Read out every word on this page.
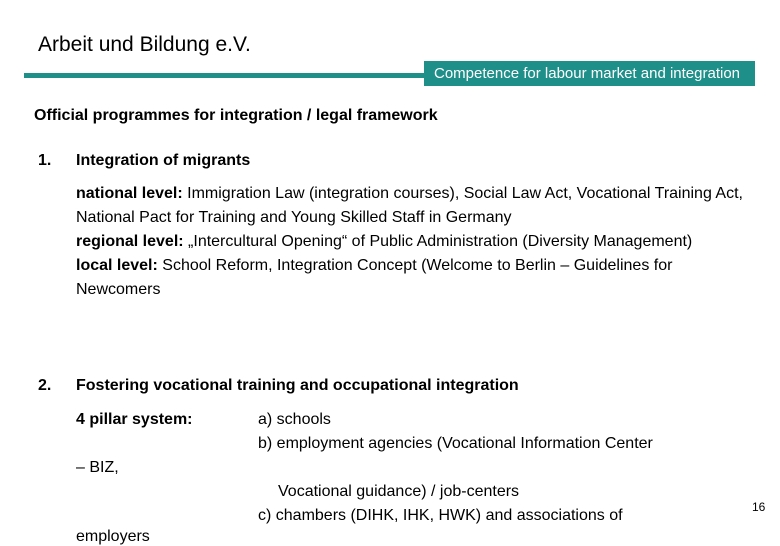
Arbeit und Bildung e.V.
Competence for labour market and integration
Official programmes for integration / legal framework
1. Integration of migrants
national level: Immigration Law (integration courses), Social Law Act, Vocational Training Act, National Pact for Training and Young Skilled Staff in Germany
regional level: „Intercultural Opening“ of Public Administration (Diversity Management)
local level: School Reform, Integration Concept (Welcome to Berlin – Guidelines for Newcomers
2. Fostering vocational training and occupational integration
4 pillar system:	a) schools
b) employment agencies (Vocational Information Center
– BIZ,
Vocational guidance) / job-centers
c) chambers (DIHK, IHK, HWK) and associations of
employers
16
